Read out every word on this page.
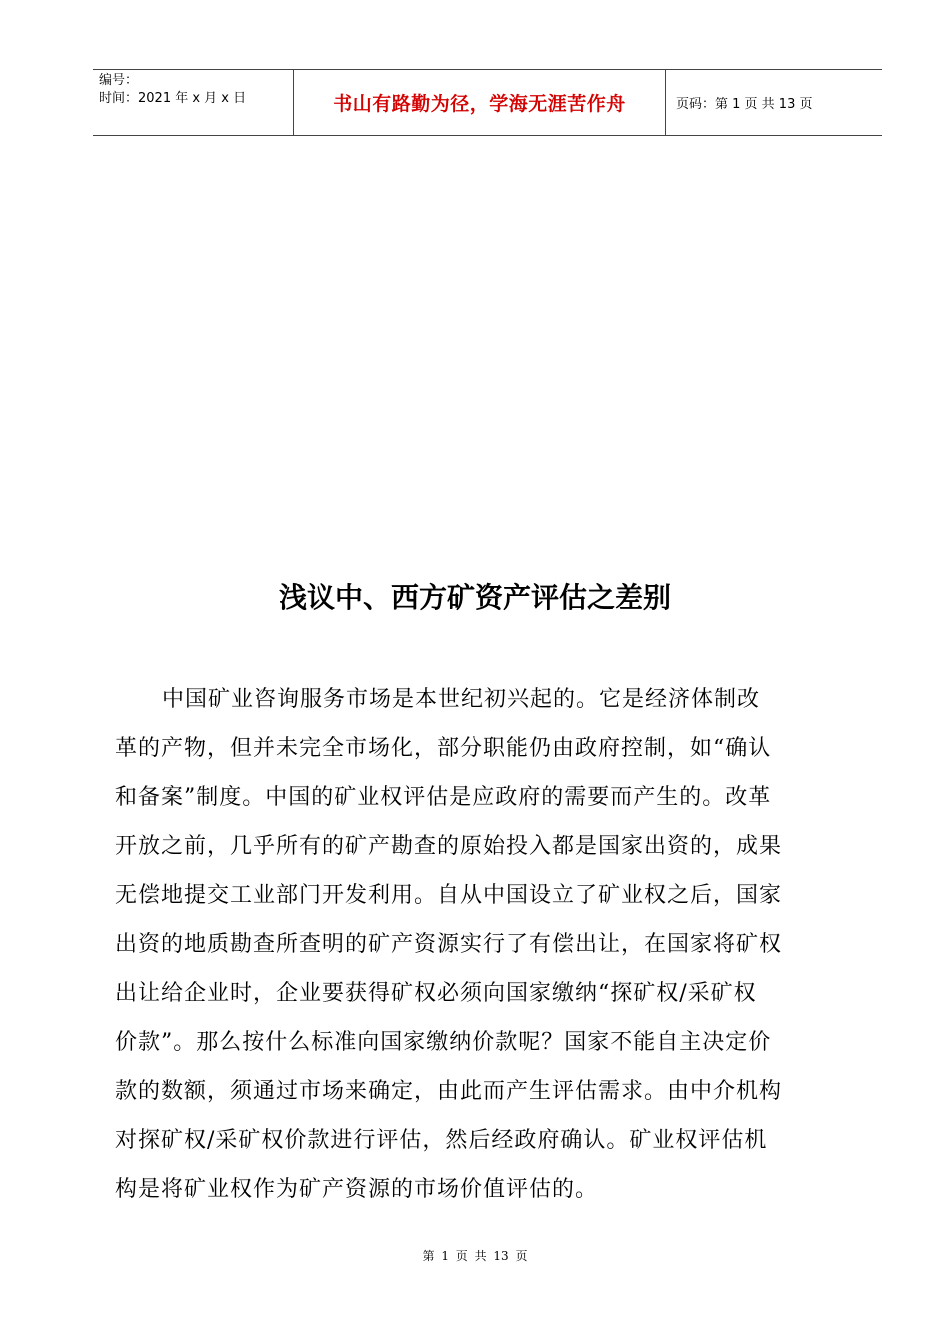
编号：
时间：2021 年 x 月 x 日	书山有路勤为径，学海无涯苦作舟	页码：第 1 页 共 13 页
浅议中、西方矿资产评估之差别
中国矿业咨询服务市场是本世纪初兴起的。它是经济体制改
革的产物，但并未完全市场化，部分职能仍由政府控制，如“确认
和备案”制度。中国的矿业权评估是应政府的需要而产生的。改革
开放之前，几乎所有的矿产勘查的原始投入都是国家出资的，成果
无偿地提交工业部门开发利用。自从中国设立了矿业权之后，国家
出资的地质勘查所查明的矿产资源实行了有偿出让，在国家将矿权
出让给企业时，企业要获得矿权必须向国家缴纳“探矿权/采矿权
价款”。那么按什么标准向国家缴纳价款呢？国家不能自主决定价
款的数额，须通过市场来确定，由此而产生评估需求。由中介机构
对探矿权/采矿权价款进行评估，然后经政府确认。矿业权评估机
构是将矿业权作为矿产资源的市场价值评估的。
第 1 页 共 13 页
